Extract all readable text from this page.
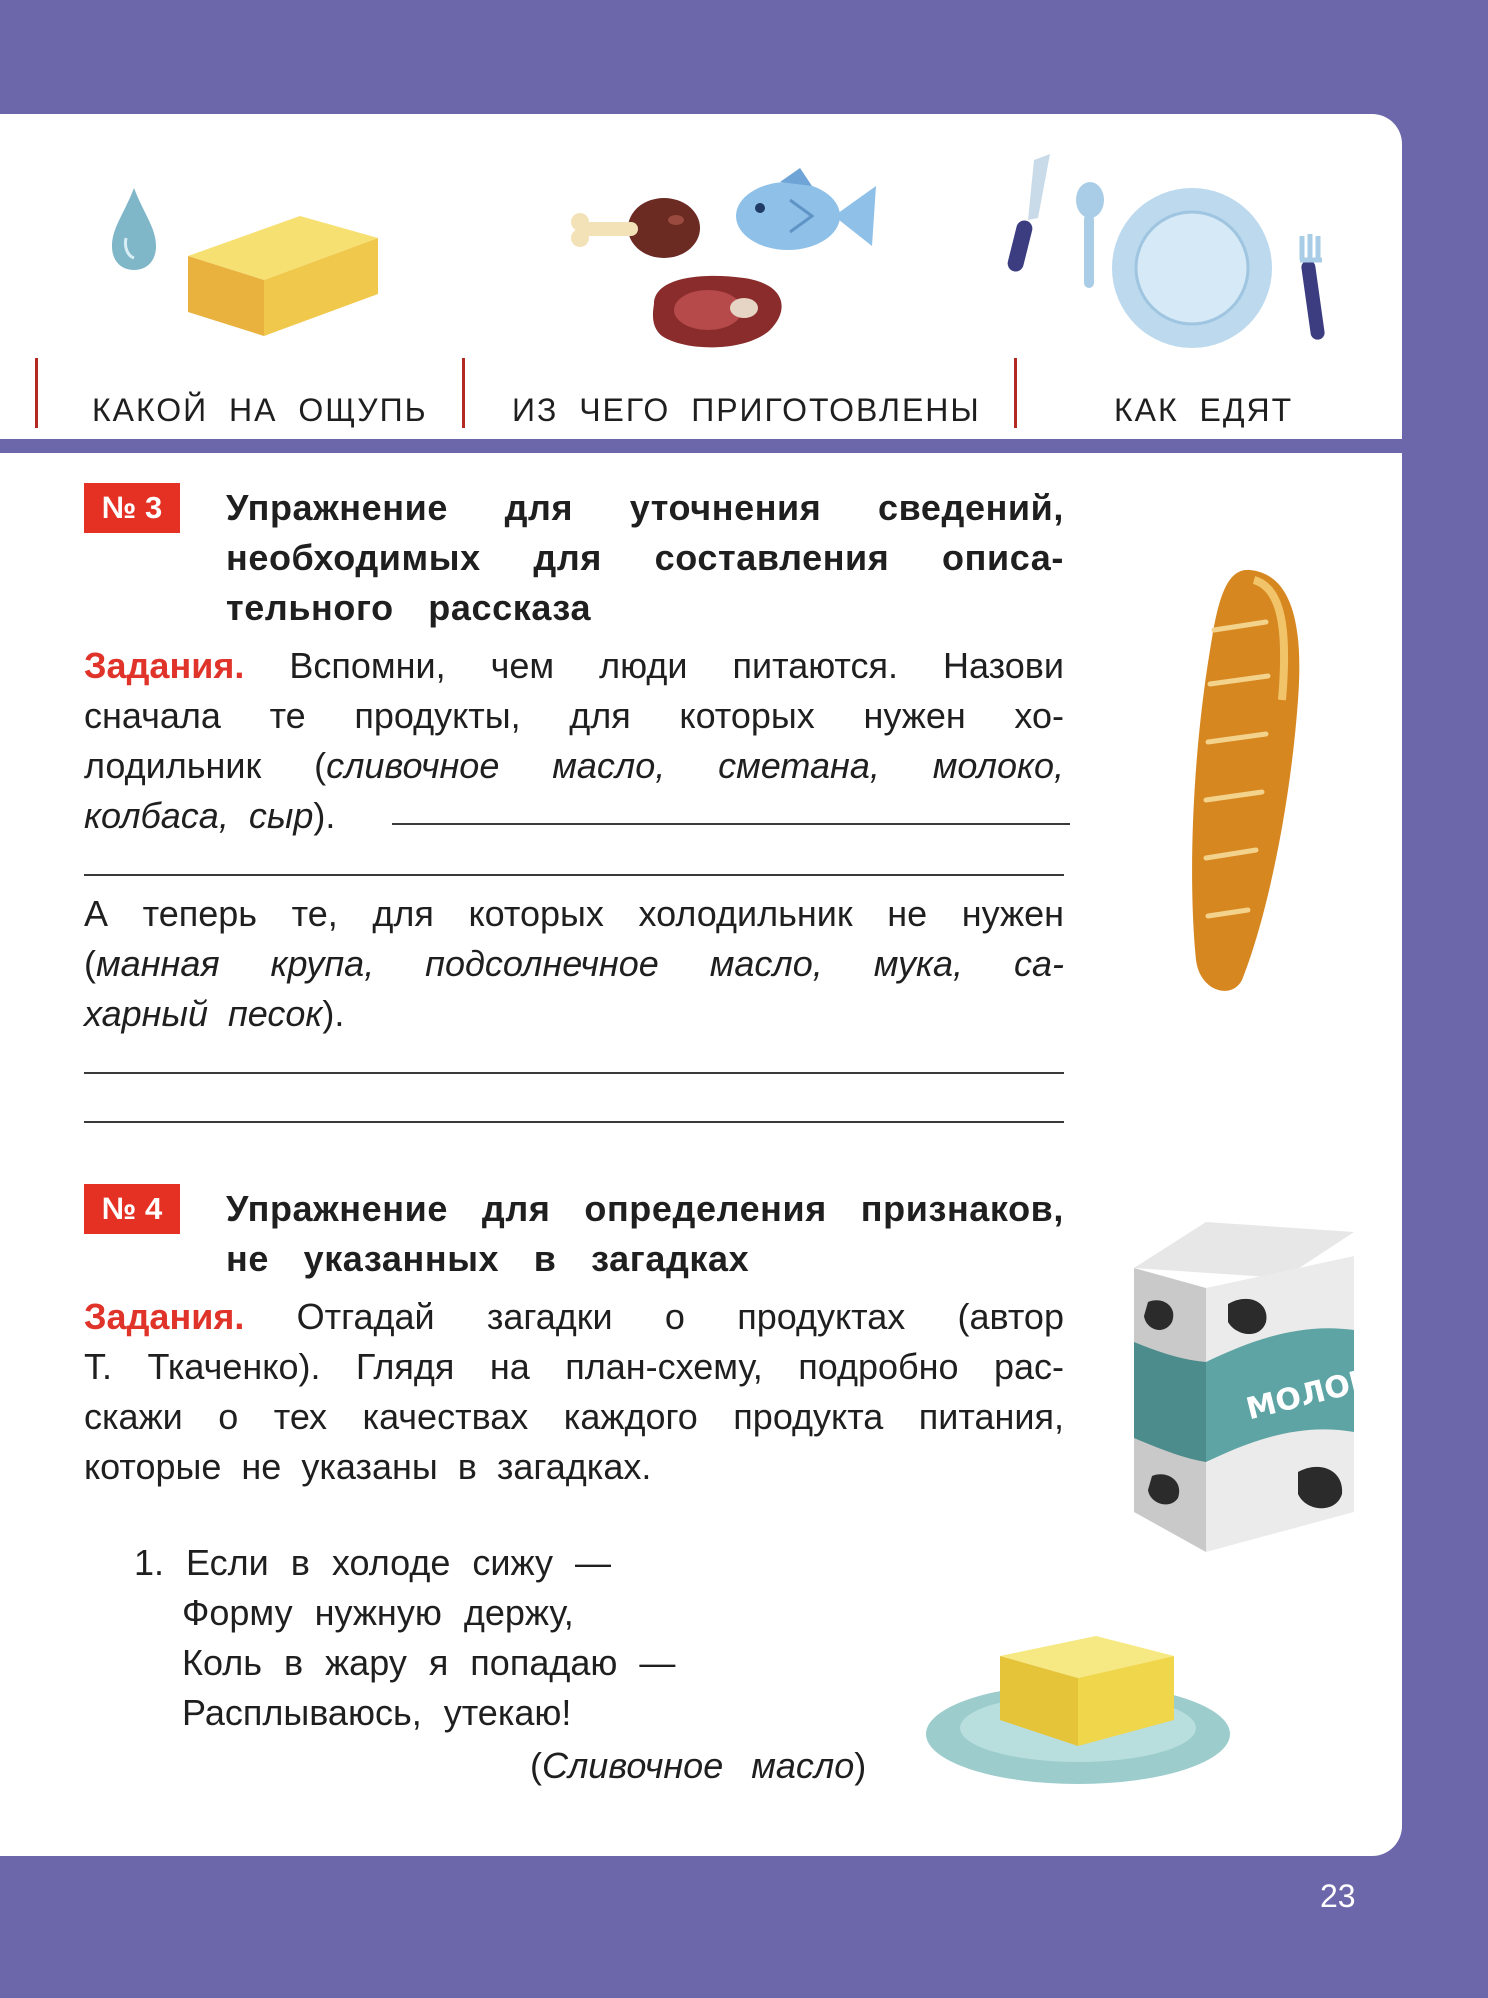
КАКОЙ НА ОЩУПЬ	ИЗ ЧЕГО ПРИГОТОВЛЕНЫ	КАК ЕДЯТ
№ 3	Упражнение для уточнения сведений,
необходимых для составления описа-
тельного рассказа
Задания. Вспомни, чем люди питаются. Назови
сначала те продукты, для которых нужен хо-
лодильник (сливочное масло, сметана, молоко,
колбаса, сыр).
А теперь те, для которых холодильник не нужен
(манная крупа, подсолнечное масло, мука, са-
харный песок).
№ 4	Упражнение для определения признаков,
не указанных в загадках
Задания. Отгадай загадки о продуктах (автор
Т. Ткаченко). Глядя на план-схему, подробно рас-
скажи о тех качествах каждого продукта питания,
которые не указаны в загадках.
МОЛОКО
1. Если в холоде сижу —
Форму нужную держу,
Коль в жару я попадаю —
Расплываюсь, утекаю!
(Сливочное масло)
23
